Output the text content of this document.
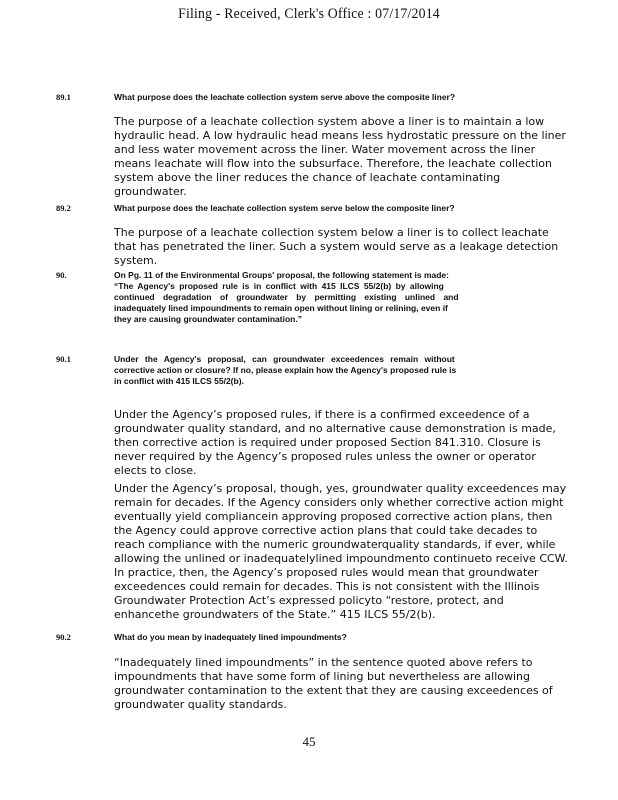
Filing - Received, Clerk's Office : 07/17/2014
89.1	What purpose does the leachate collection system serve above the composite liner?

The purpose of a leachate collection system above a liner is to maintain a low hydraulic head. A low hydraulic head means less hydrostatic pressure on the liner and less water movement across the liner. Water movement across the liner means leachate will flow into the subsurface. Therefore, the leachate collection system above the liner reduces the chance of leachate contaminating groundwater.

89.2	What purpose does the leachate collection system serve below the composite liner?

The purpose of a leachate collection system below a liner is to collect leachate that has penetrated the liner. Such a system would serve as a leakage detection system.

90.	On Pg. 11 of the Environmental Groups' proposal, the following statement is made:
“The Agency's proposed rule is in conflict with 415 ILCS 55/2(b) by allowing
continued degradation of groundwater by permitting existing unlined and
inadequately lined impoundments to remain open without lining or relining, even if
they are causing groundwater contamination.”
90.1	Under the Agency's proposal, can groundwater exceedences remain without
corrective action or closure? If no, please explain how the Agency's proposed rule is
in conflict with 415 ILCS 55/2(b).

Under the Agency’s proposed rules, if there is a confirmed exceedence of a groundwater quality standard, and no alternative cause demonstration is made, then corrective action is required under proposed Section 841.310. Closure is never required by the Agency’s proposed rules unless the owner or operator elects to close.

Under the Agency’s proposal, though, yes, groundwater quality exceedences may remain for decades. If the Agency considers only whether corrective action might eventually yield compliancein approving proposed corrective action plans, then the Agency could approve corrective action plans that could take decades to reach compliance with the numeric groundwaterquality standards, if ever, while allowing the unlined or inadequatelylined impoundmento continueto receive CCW. In practice, then, the Agency’s proposed rules would mean that groundwater exceedences could remain for decades. This is not consistent with the Illinois Groundwater Protection Act’s expressed policyto “restore, protect, and enhancethe groundwaters of the State.” 415 ILCS 55/2(b).

90.2	What do you mean by inadequately lined impoundments?

“Inadequately lined impoundments” in the sentence quoted above refers to impoundments that have some form of lining but nevertheless are allowing groundwater contamination to the extent that they are causing exceedences of groundwater quality standards.

45
